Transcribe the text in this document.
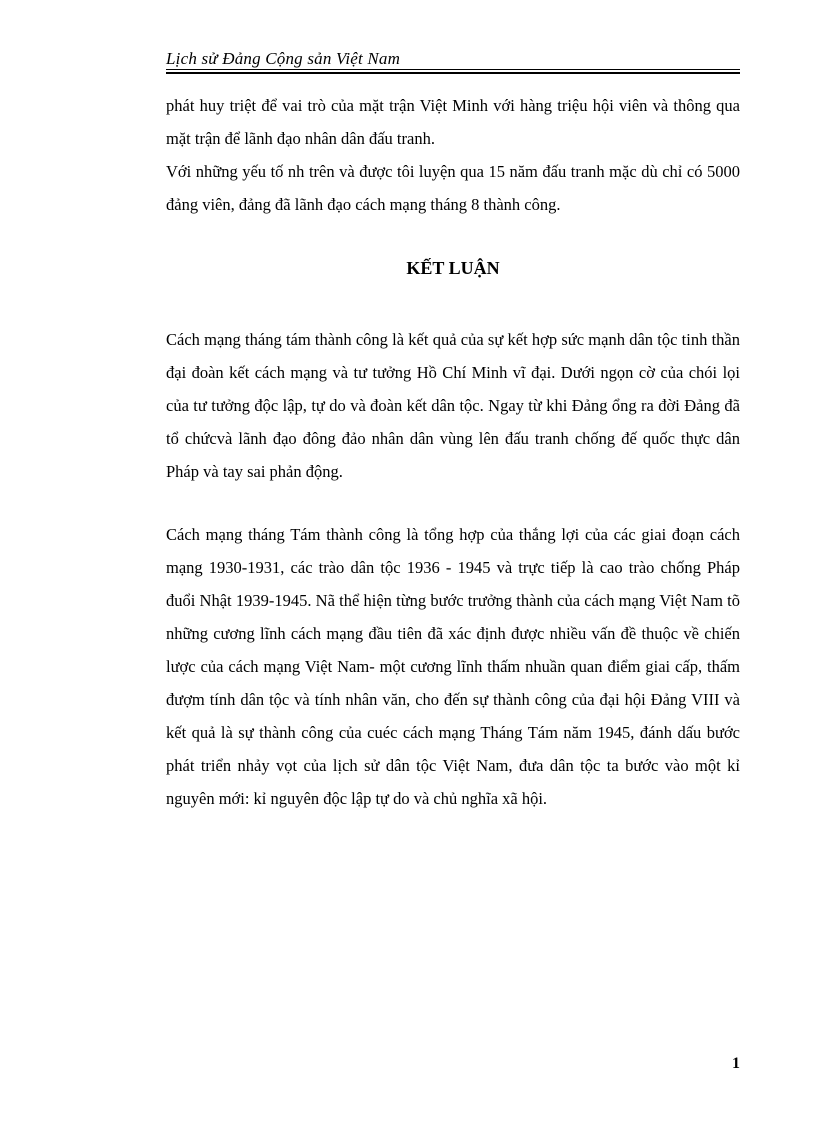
Lịch sử Đảng Cộng sản Việt Nam

phát huy triệt để vai trò của mặt trận Việt Minh với hàng triệu hội viên và thông qua mặt trận để lãnh đạo nhân dân đấu tranh.

Với những yếu tố nh trên và được tôi luyện qua 15 năm đấu tranh mặc dù chỉ có 5000 đảng viên, đảng đã lãnh đạo cách mạng tháng 8 thành công.

KẾT LUẬN

Cách mạng tháng tám thành công là kết quả của sự kết hợp sức mạnh dân tộc tinh thần đại đoàn kết cách mạng và tư tưởng Hồ Chí Minh vĩ đại. Dưới ngọn cờ của chói lọi của tư tưởng độc lập, tự do và đoàn kết dân tộc. Ngay từ khi Đảng ổng ra đời Đảng đã tổ chứcvà lãnh đạo đông đảo nhân dân vùng lên đấu tranh chống đế quốc thực dân Pháp và tay sai phản động.

Cách mạng tháng Tám thành công là tổng hợp của thắng lợi của các giai đoạn cách mạng 1930-1931, các trào dân tộc 1936 - 1945 và trực tiếp là cao trào chống Pháp đuổi Nhật 1939-1945. Nã thể hiện từng bước trưởng thành của cách mạng Việt Nam tõ những cương lĩnh cách mạng đầu tiên đã xác định được nhiều vấn đề thuộc về chiến lược của cách mạng Việt Nam- một cương lĩnh thấm nhuần quan điểm giai cấp, thấm đượm tính dân tộc và tính nhân văn, cho đến sự thành công của đại hội Đảng VIII và kết quả là sự thành công của cuéc cách mạng Tháng Tám năm 1945, đánh dấu bước phát triển nhảy vọt của lịch sử dân tộc Việt Nam, đưa dân tộc ta bước vào một kỉ nguyên mới: kỉ nguyên độc lập tự do và chủ nghĩa xã hội.

1
